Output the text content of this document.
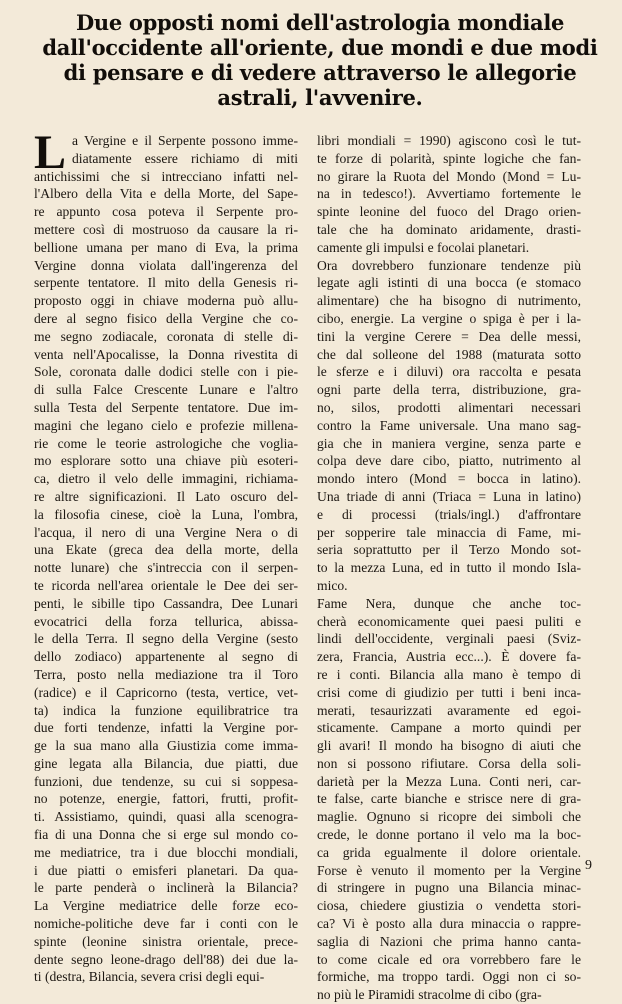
Due opposti nomi dell'astrologia mondiale
dall'occidente all'oriente, due mondi e due modi
di pensare e di vedere attraverso le allegorie
astrali, l'avvenire.
L a Vergine e il Serpente possono imme-
diatamente essere richiamo di miti
antichissimi che si intrecciano infatti nel-
l'Albero della Vita e della Morte, del Sape-
re appunto cosa poteva il Serpente pro-
mettere così di mostruoso da causare la ri-
bellione umana per mano di Eva, la prima
Vergine donna violata dall'ingerenza del
serpente tentatore. Il mito della Genesis ri-
proposto oggi in chiave moderna può allu-
dere al segno fisico della Vergine che co-
me segno zodiacale, coronata di stelle di-
venta nell'Apocalisse, la Donna rivestita di
Sole, coronata dalle dodici stelle con i pie-
di sulla Falce Crescente Lunare e l'altro
sulla Testa del Serpente tentatore. Due im-
magini che legano cielo e profezie millena-
rie come le teorie astrologiche che voglia-
mo esplorare sotto una chiave più esoteri-
ca, dietro il velo delle immagini, richiama-
re altre significazioni. Il Lato oscuro del-
la filosofia cinese, cioè la Luna, l'ombra,
l'acqua, il nero di una Vergine Nera o di
una Ekate (greca dea della morte, della
notte lunare) che s'intreccia con il serpen-
te ricorda nell'area orientale le Dee dei ser-
penti, le sibille tipo Cassandra, Dee Lunari
evocatrici della forza tellurica, abissa-
le della Terra. Il segno della Vergine (sesto
dello zodiaco) appartenente al segno di
Terra, posto nella mediazione tra il Toro
(radice) e il Capricorno (testa, vertice, vet-
ta) indica la funzione equilibratrice tra
due forti tendenze, infatti la Vergine por-
ge la sua mano alla Giustizia come imma-
gine legata alla Bilancia, due piatti, due
funzioni, due tendenze, su cui si soppesa-
no potenze, energie, fattori, frutti, profit-
ti. Assistiamo, quindi, quasi alla scenogra-
fia di una Donna che si erge sul mondo co-
me mediatrice, tra i due blocchi mondiali,
i due piatti o emisferi planetari. Da qua-
le parte penderà o inclinerà la Bilancia?
La Vergine mediatrice delle forze eco-
nomiche-politiche deve far i conti con le
spinte (leonine sinistra orientale, prece-
dente segno leone-drago dell'88) dei due la-
ti (destra, Bilancia, severa crisi degli equi-
libri mondiali = 1990) agiscono così le tut-
te forze di polarità, spinte logiche che fan-
no girare la Ruota del Mondo (Mond = Lu-
na in tedesco!). Avvertiamo fortemente le
spinte leonine del fuoco del Drago orien-
tale che ha dominato aridamente, drasti-
camente gli impulsi e focolai planetari.
Ora dovrebbero funzionare tendenze più
legate agli istinti di una bocca (e stomaco
alimentare) che ha bisogno di nutrimento,
cibo, energie. La vergine o spiga è per i la-
tini la vergine Cerere = Dea delle messi,
che dal solleone del 1988 (maturata sotto
le sferze e i diluvi) ora raccolta e pesata
ogni parte della terra, distribuzione, gra-
no, silos, prodotti alimentari necessari
contro la Fame universale. Una mano sag-
gia che in maniera vergine, senza parte e
colpa deve dare cibo, piatto, nutrimento al
mondo intero (Mond = bocca in latino).
Una triade di anni (Triaca = Luna in latino)
e di processi (trials/ingl.) d'affrontare
per sopperire tale minaccia di Fame, mi-
seria soprattutto per il Terzo Mondo sot-
to la mezza Luna, ed in tutto il mondo Isla-
mico.
Fame Nera, dunque che anche toc-
cherà economicamente quei paesi puliti e
lindi dell'occidente, verginali paesi (Sviz-
zera, Francia, Austria ecc...). È dovere fa-
re i conti. Bilancia alla mano è tempo di
crisi come di giudizio per tutti i beni inca-
merati, tesaurizzati avaramente ed egoi-
sticamente. Campane a morto quindi per
gli avari! Il mondo ha bisogno di aiuti che
non si possono rifiutare. Corsa della soli-
darietà per la Mezza Luna. Conti neri, car-
te false, carte bianche e strisce nere di gra-
maglie. Ognuno si ricopre dei simboli che
crede, le donne portano il velo ma la boc-
ca grida egualmente il dolore orientale.
Forse è venuto il momento per la Vergine
di stringere in pugno una Bilancia minac-
ciosa, chiedere giustizia o vendetta stori-
ca? Vi è posto alla dura minaccia o rappre-
saglia di Nazioni che prima hanno canta-
to come cicale ed ora vorrebbero fare le
formiche, ma troppo tardi. Oggi non ci so-
no più le Piramidi stracolme di cibo (gra-
9
